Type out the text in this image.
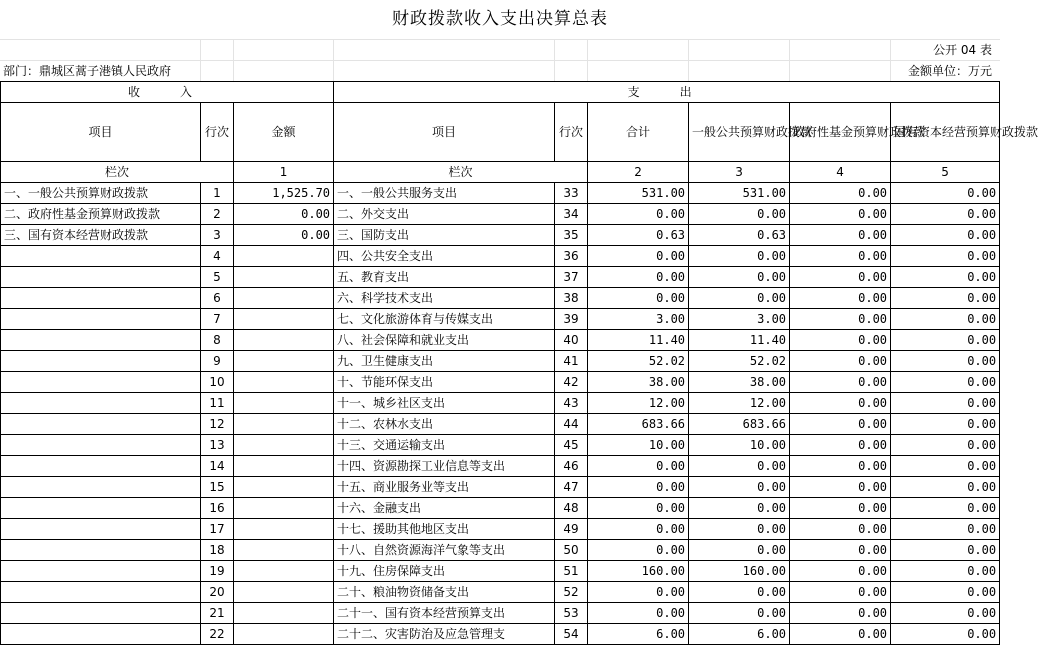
财政拨款收入支出决算总表
公开 04 表
部门：鼎城区蒿子港镇人民政府	金额单位：万元
收　入			支　出					
项目	行次	金额	项目	行次	合计	一般公共预算财政拨款	政府性基金预算财政拨款	国有资本经营预算财政拨款
栏次		1	栏次		2	3	4	5
一、一般公共预算财政拨款	1	1,525.70	一、一般公共服务支出	33	531.00	531.00	0.00	0.00
二、政府性基金预算财政拨款	2	0.00	二、外交支出	34	0.00	0.00	0.00	0.00
三、国有资本经营财政拨款	3	0.00	三、国防支出	35	0.63	0.63	0.00	0.00
	4		四、公共安全支出	36	0.00	0.00	0.00	0.00
	5		五、教育支出	37	0.00	0.00	0.00	0.00
	6		六、科学技术支出	38	0.00	0.00	0.00	0.00
	7		七、文化旅游体育与传媒支出	39	3.00	3.00	0.00	0.00
	8		八、社会保障和就业支出	40	11.40	11.40	0.00	0.00
	9		九、卫生健康支出	41	52.02	52.02	0.00	0.00
	10		十、节能环保支出	42	38.00	38.00	0.00	0.00
	11		十一、城乡社区支出	43	12.00	12.00	0.00	0.00
	12		十二、农林水支出	44	683.66	683.66	0.00	0.00
	13		十三、交通运输支出	45	10.00	10.00	0.00	0.00
	14		十四、资源勘探工业信息等支出	46	0.00	0.00	0.00	0.00
	15		十五、商业服务业等支出	47	0.00	0.00	0.00	0.00
	16		十六、金融支出	48	0.00	0.00	0.00	0.00
	17		十七、援助其他地区支出	49	0.00	0.00	0.00	0.00
	18		十八、自然资源海洋气象等支出	50	0.00	0.00	0.00	0.00
	19		十九、住房保障支出	51	160.00	160.00	0.00	0.00
	20		二十、粮油物资储备支出	52	0.00	0.00	0.00	0.00
	21		二十一、国有资本经营预算支出	53	0.00	0.00	0.00	0.00
	22		二十二、灾害防治及应急管理支	54	6.00	6.00	0.00	0.00
